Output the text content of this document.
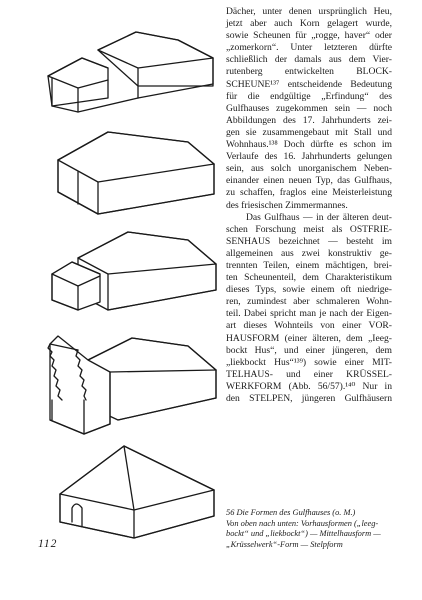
Dächer, unter denen ursprünglich Heu,
jetzt aber auch Korn gelagert wurde,
sowie Scheunen für „rogge, haver“ oder
„zomerkorn“. Unter letzteren dürfte
schließlich der damals aus dem Vier-
rutenberg entwickelten BLOCK-
SCHEUNE¹³⁷ entscheidende Bedeutung
für die endgültige „Erfindung“ des
Gulfhauses zugekommen sein — noch
Abbildungen des 17. Jahrhunderts zei-
gen sie zusammengebaut mit Stall und
Wohnhaus.¹³⁸ Doch dürfte es schon im
Verlaufe des 16. Jahrhunderts gelungen
sein, aus solch unorganischem Neben-
einander einen neuen Typ, das Gulfhaus,
zu schaffen, fraglos eine Meisterleistung
des friesischen Zimmermannes.

Das Gulfhaus — in der älteren deut-
schen Forschung meist als OSTFRIE-
SENHAUS bezeichnet — besteht im
allgemeinen aus zwei konstruktiv ge-
trennten Teilen, einem mächtigen, brei-
ten Scheunenteil, dem Charakteristikum
dieses Typs, sowie einem oft niedrige-
ren, zumindest aber schmaleren Wohn-
teil. Dabei spricht man je nach der Eigen-
art dieses Wohnteils von einer VOR-
HAUSFORM (einer älteren, dem „Ieeg-
bockt Hus“, und einer jüngeren, dem
„liekbockt Hus“¹³⁹) sowie einer MIT-
TELHAUS- und einer KRÜSSEL-
WERKFORM (Abb. 56/57).¹⁴⁰ Nur in
den STELPEN, jüngeren Gulfhäusern

56 Die Formen des Gulfhauses (o. M.)
Von oben nach unten: Vorhausformen („leeg-
bockt“ und „liekbockt“) — Mittelhausform —
„Krüsselwerk“-Form — Stelpform
112
